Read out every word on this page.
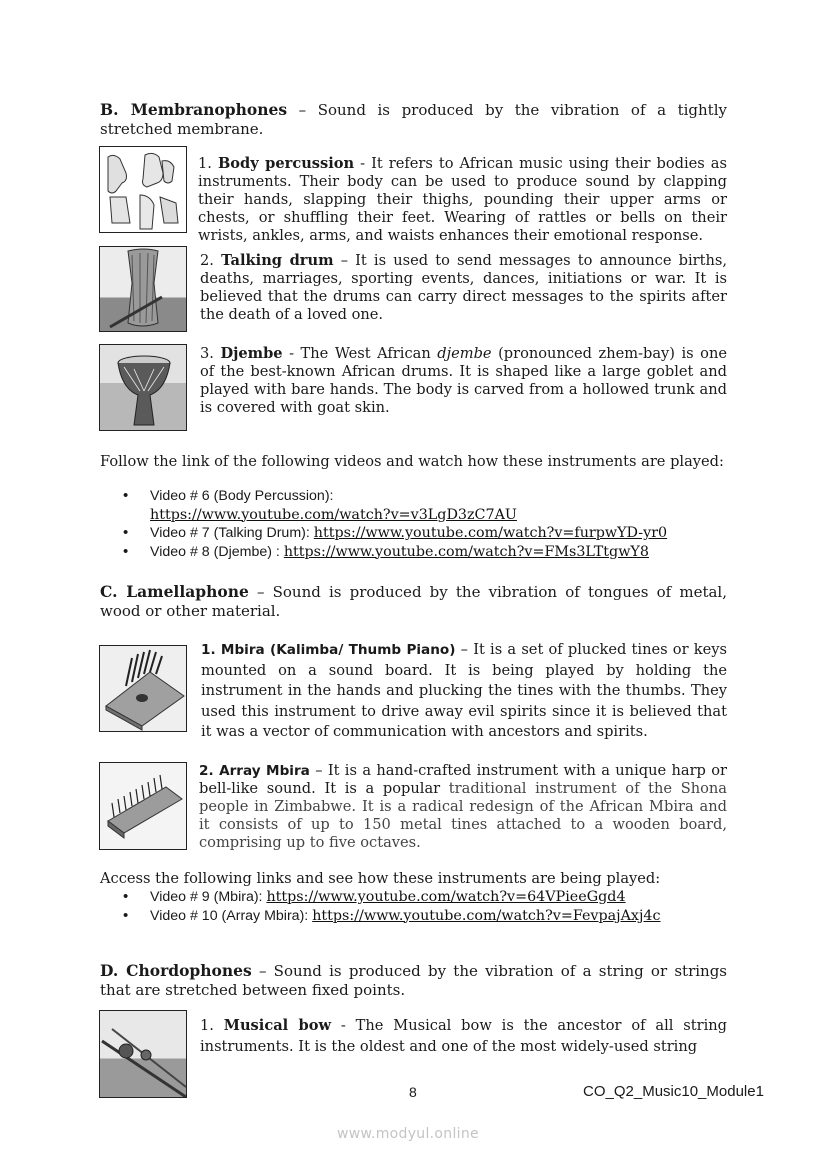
B. Membranophones – Sound is produced by the vibration of a tightly stretched membrane.
1. Body percussion - It refers to African music using their bodies as instruments. Their body can be used to produce sound by clapping their hands, slapping their thighs, pounding their upper arms or chests, or shuffling their feet. Wearing of rattles or bells on their wrists, ankles, arms, and waists enhances their emotional response.
2. Talking drum – It is used to send messages to announce births, deaths, marriages, sporting events, dances, initiations or war. It is believed that the drums can carry direct messages to the spirits after the death of a loved one.
3. Djembe - The West African djembe (pronounced zhem-bay) is one of the best-known African drums. It is shaped like a large goblet and played with bare hands. The body is carved from a hollowed trunk and is covered with goat skin.
Follow the link of the following videos and watch how these instruments are played:
• Video # 6 (Body Percussion):
https://www.youtube.com/watch?v=v3LgD3zC7AU
• Video # 7 (Talking Drum): https://www.youtube.com/watch?v=furpwYD-yr0
• Video # 8 (Djembe) : https://www.youtube.com/watch?v=FMs3LTtgwY8
C. Lamellaphone – Sound is produced by the vibration of tongues of metal, wood or other material.
1. Mbira (Kalimba/ Thumb Piano) – It is a set of plucked tines or keys mounted on a sound board. It is being played by holding the instrument in the hands and plucking the tines with the thumbs. They used this instrument to drive away evil spirits since it is believed that it was a vector of communication with ancestors and spirits.
2. Array Mbira – It is a hand-crafted instrument with a unique harp or bell-like sound. It is a popular traditional instrument of the Shona people in Zimbabwe. It is a radical redesign of the African Mbira and it consists of up to 150 metal tines attached to a wooden board, comprising up to five octaves.
Access the following links and see how these instruments are being played:
• Video # 9 (Mbira): https://www.youtube.com/watch?v=64VPieeGgd4
• Video # 10 (Array Mbira): https://www.youtube.com/watch?v=FevpajAxj4c
D. Chordophones – Sound is produced by the vibration of a string or strings that are stretched between fixed points.
1. Musical bow - The Musical bow is the ancestor of all string instruments. It is the oldest and one of the most widely-used string
8	CO_Q2_Music10_Module1
www.modyul.online
